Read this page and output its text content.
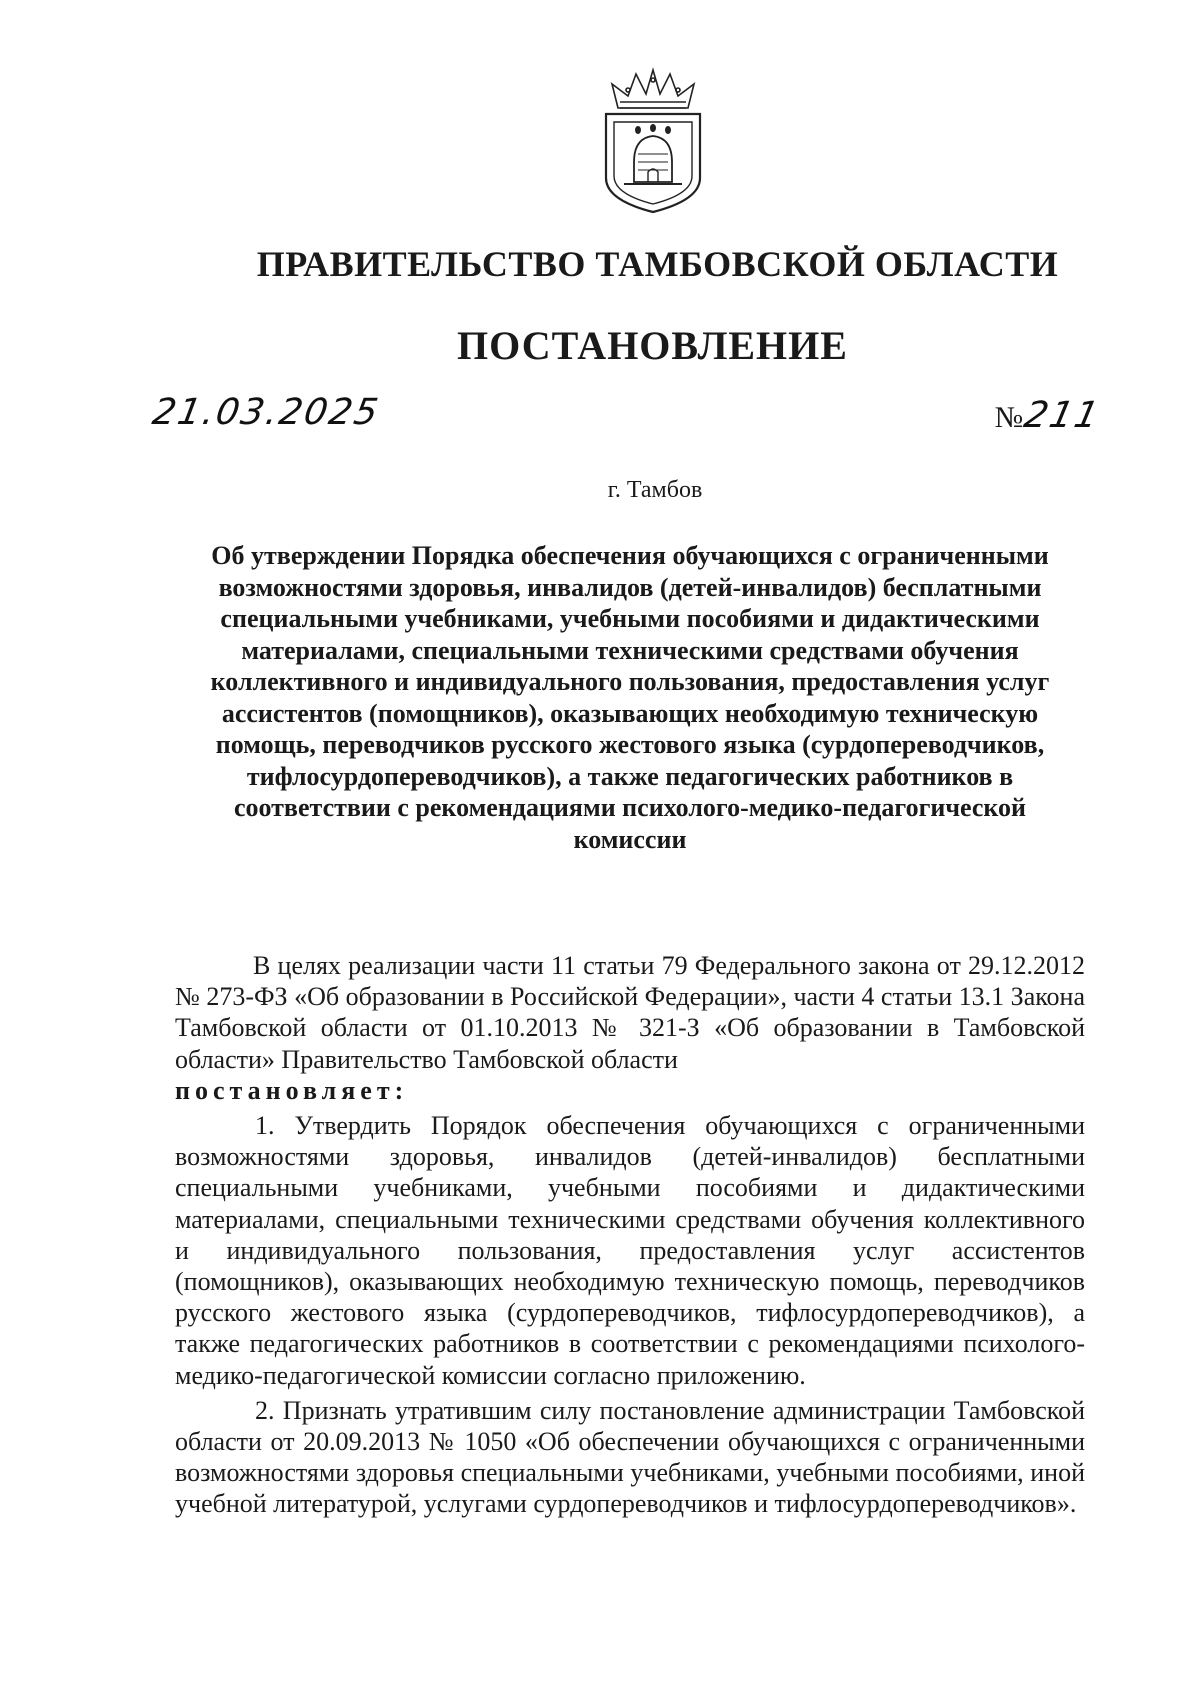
ПРАВИТЕЛЬСТВО ТАМБОВСКОЙ ОБЛАСТИ
ПОСТАНОВЛЕНИЕ
21.03.2025	№211
г. Тамбов
Об утверждении Порядка обеспечения обучающихся с ограниченными возможностями здоровья, инвалидов (детей-инвалидов) бесплатными специальными учебниками, учебными пособиями и дидактическими материалами, специальными техническими средствами обучения коллективного и индивидуального пользования, предоставления услуг ассистентов (помощников), оказывающих необходимую техническую помощь, переводчиков русского жестового языка (сурдопереводчиков, тифлосурдопереводчиков), а также педагогических работников в соответствии с рекомендациями психолого-медико-педагогической комиссии

В целях реализации части 11 статьи 79 Федерального закона от 29.12.2012 № 273-ФЗ «Об образовании в Российской Федерации», части 4 статьи 13.1 Закона Тамбовской области от 01.10.2013 № 321-З «Об образовании в Тамбовской области» Правительство Тамбовской области

постановляет:

1. Утвердить Порядок обеспечения обучающихся с ограниченными возможностями здоровья, инвалидов (детей-инвалидов) бесплатными специальными учебниками, учебными пособиями и дидактическими материалами, специальными техническими средствами обучения коллективного и индивидуального пользования, предоставления услуг ассистентов (помощников), оказывающих необходимую техническую помощь, переводчиков русского жестового языка (сурдопереводчиков, тифлосурдопереводчиков), а также педагогических работников в соответствии с рекомендациями психолого-медико-педагогической комиссии согласно приложению.

2. Признать утратившим силу постановление администрации Тамбовской области от 20.09.2013 № 1050 «Об обеспечении обучающихся с ограниченными возможностями здоровья специальными учебниками, учебными пособиями, иной учебной литературой, услугами сурдопереводчиков и тифлосурдопереводчиков».
